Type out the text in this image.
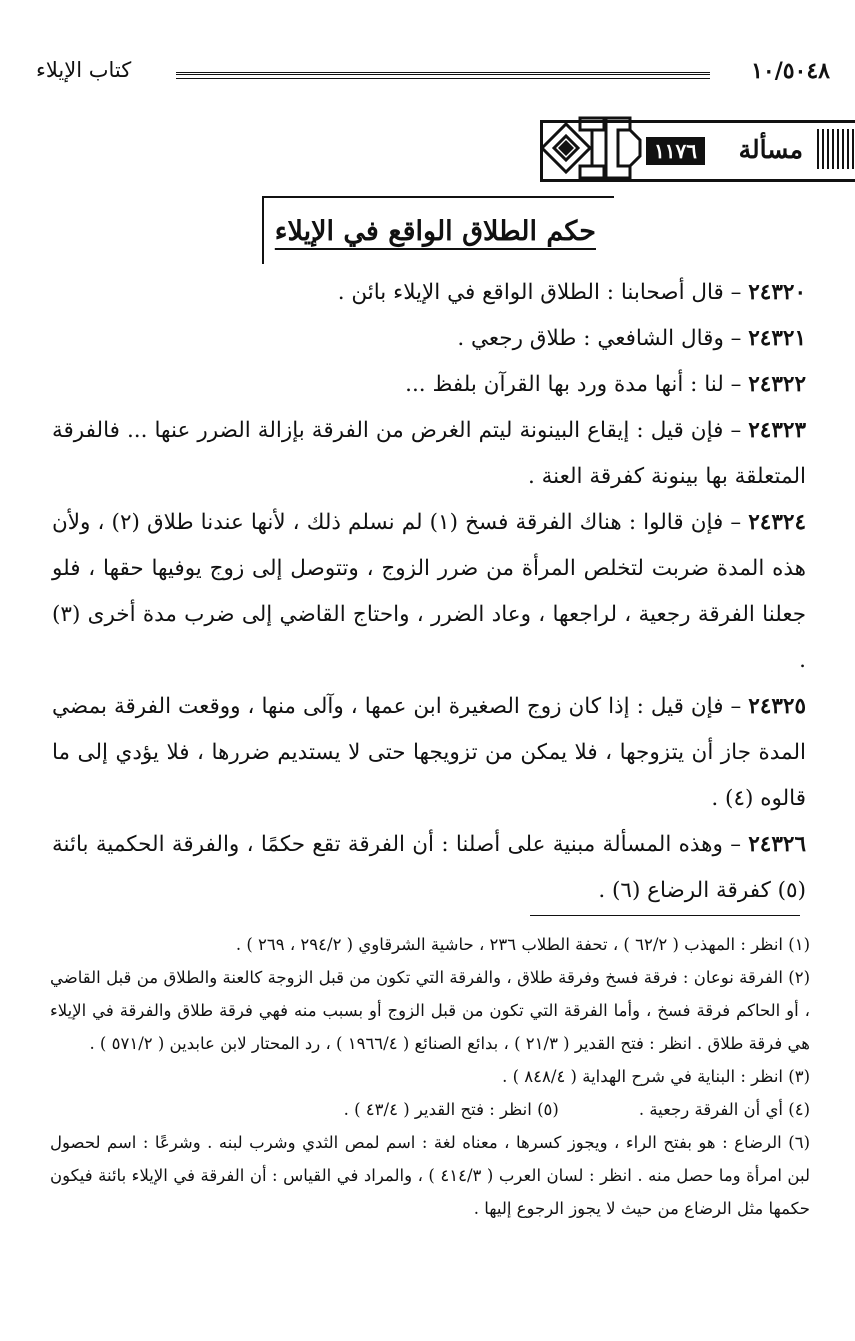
١٠/٥٠٤٨
كتاب الإيلاء
مسألة
١١٧٦
حكم الطلاق الواقع في الإيلاء

٢٤٣٢٠ – قال أصحابنا : الطلاق الواقع في الإيلاء بائن .

٢٤٣٢١ – وقال الشافعي : طلاق رجعي .

٢٤٣٢٢ – لنا : أنها مدة ورد بها القرآن بلفظ ...

٢٤٣٢٣ – فإن قيل : إيقاع البينونة ليتم الغرض من الفرقة بإزالة الضرر عنها ... فالفرقة المتعلقة بها بينونة كفرقة العنة .

٢٤٣٢٤ – فإن قالوا : هناك الفرقة فسخ (١) لم نسلم ذلك ، لأنها عندنا طلاق (٢) ، ولأن هذه المدة ضربت لتخلص المرأة من ضرر الزوج ، وتتوصل إلى زوج يوفيها حقها ، فلو جعلنا الفرقة رجعية ، لراجعها ، وعاد الضرر ، واحتاج القاضي إلى ضرب مدة أخرى (٣) .

٢٤٣٢٥ – فإن قيل : إذا كان زوج الصغيرة ابن عمها ، وآلى منها ، ووقعت الفرقة بمضي المدة جاز أن يتزوجها ، فلا يمكن من تزويجها حتى لا يستديم ضررها ، فلا يؤدي إلى ما قالوه (٤) .

٢٤٣٢٦ – وهذه المسألة مبنية على أصلنا : أن الفرقة تقع حكمًا ، والفرقة الحكمية بائنة (٥) كفرقة الرضاع (٦) .

(١) انظر : المهذب ( ٦٢/٢ ) ، تحفة الطلاب ٢٣٦ ، حاشية الشرقاوي ( ٢٩٤/٢ ، ٢٦٩ ) .

(٢) الفرقة نوعان : فرقة فسخ وفرقة طلاق ، والفرقة التي تكون من قبل الزوجة كالعنة والطلاق من قبل القاضي ، أو الحاكم فرقة فسخ ، وأما الفرقة التي تكون من قبل الزوج أو بسبب منه فهي فرقة طلاق والفرقة في الإيلاء هي فرقة طلاق . انظر : فتح القدير ( ٢١/٣ ) ، بدائع الصنائع ( ١٩٦٦/٤ ) ، رد المحتار لابن عابدين ( ٥٧١/٢ ) .

(٣) انظر : البناية في شرح الهداية ( ٨٤٨/٤ ) .

(٤) أي أن الفرقة رجعية .
(٥) انظر : فتح القدير ( ٤٣/٤ ) .

(٦) الرضاع : هو بفتح الراء ، ويجوز كسرها ، معناه لغة : اسم لمص الثدي وشرب لبنه . وشرعًا : اسم لحصول لبن امرأة وما حصل منه . انظر : لسان العرب ( ٤١٤/٣ ) ، والمراد في القياس : أن الفرقة في الإيلاء بائنة فيكون حكمها مثل الرضاع من حيث لا يجوز الرجوع إليها .
